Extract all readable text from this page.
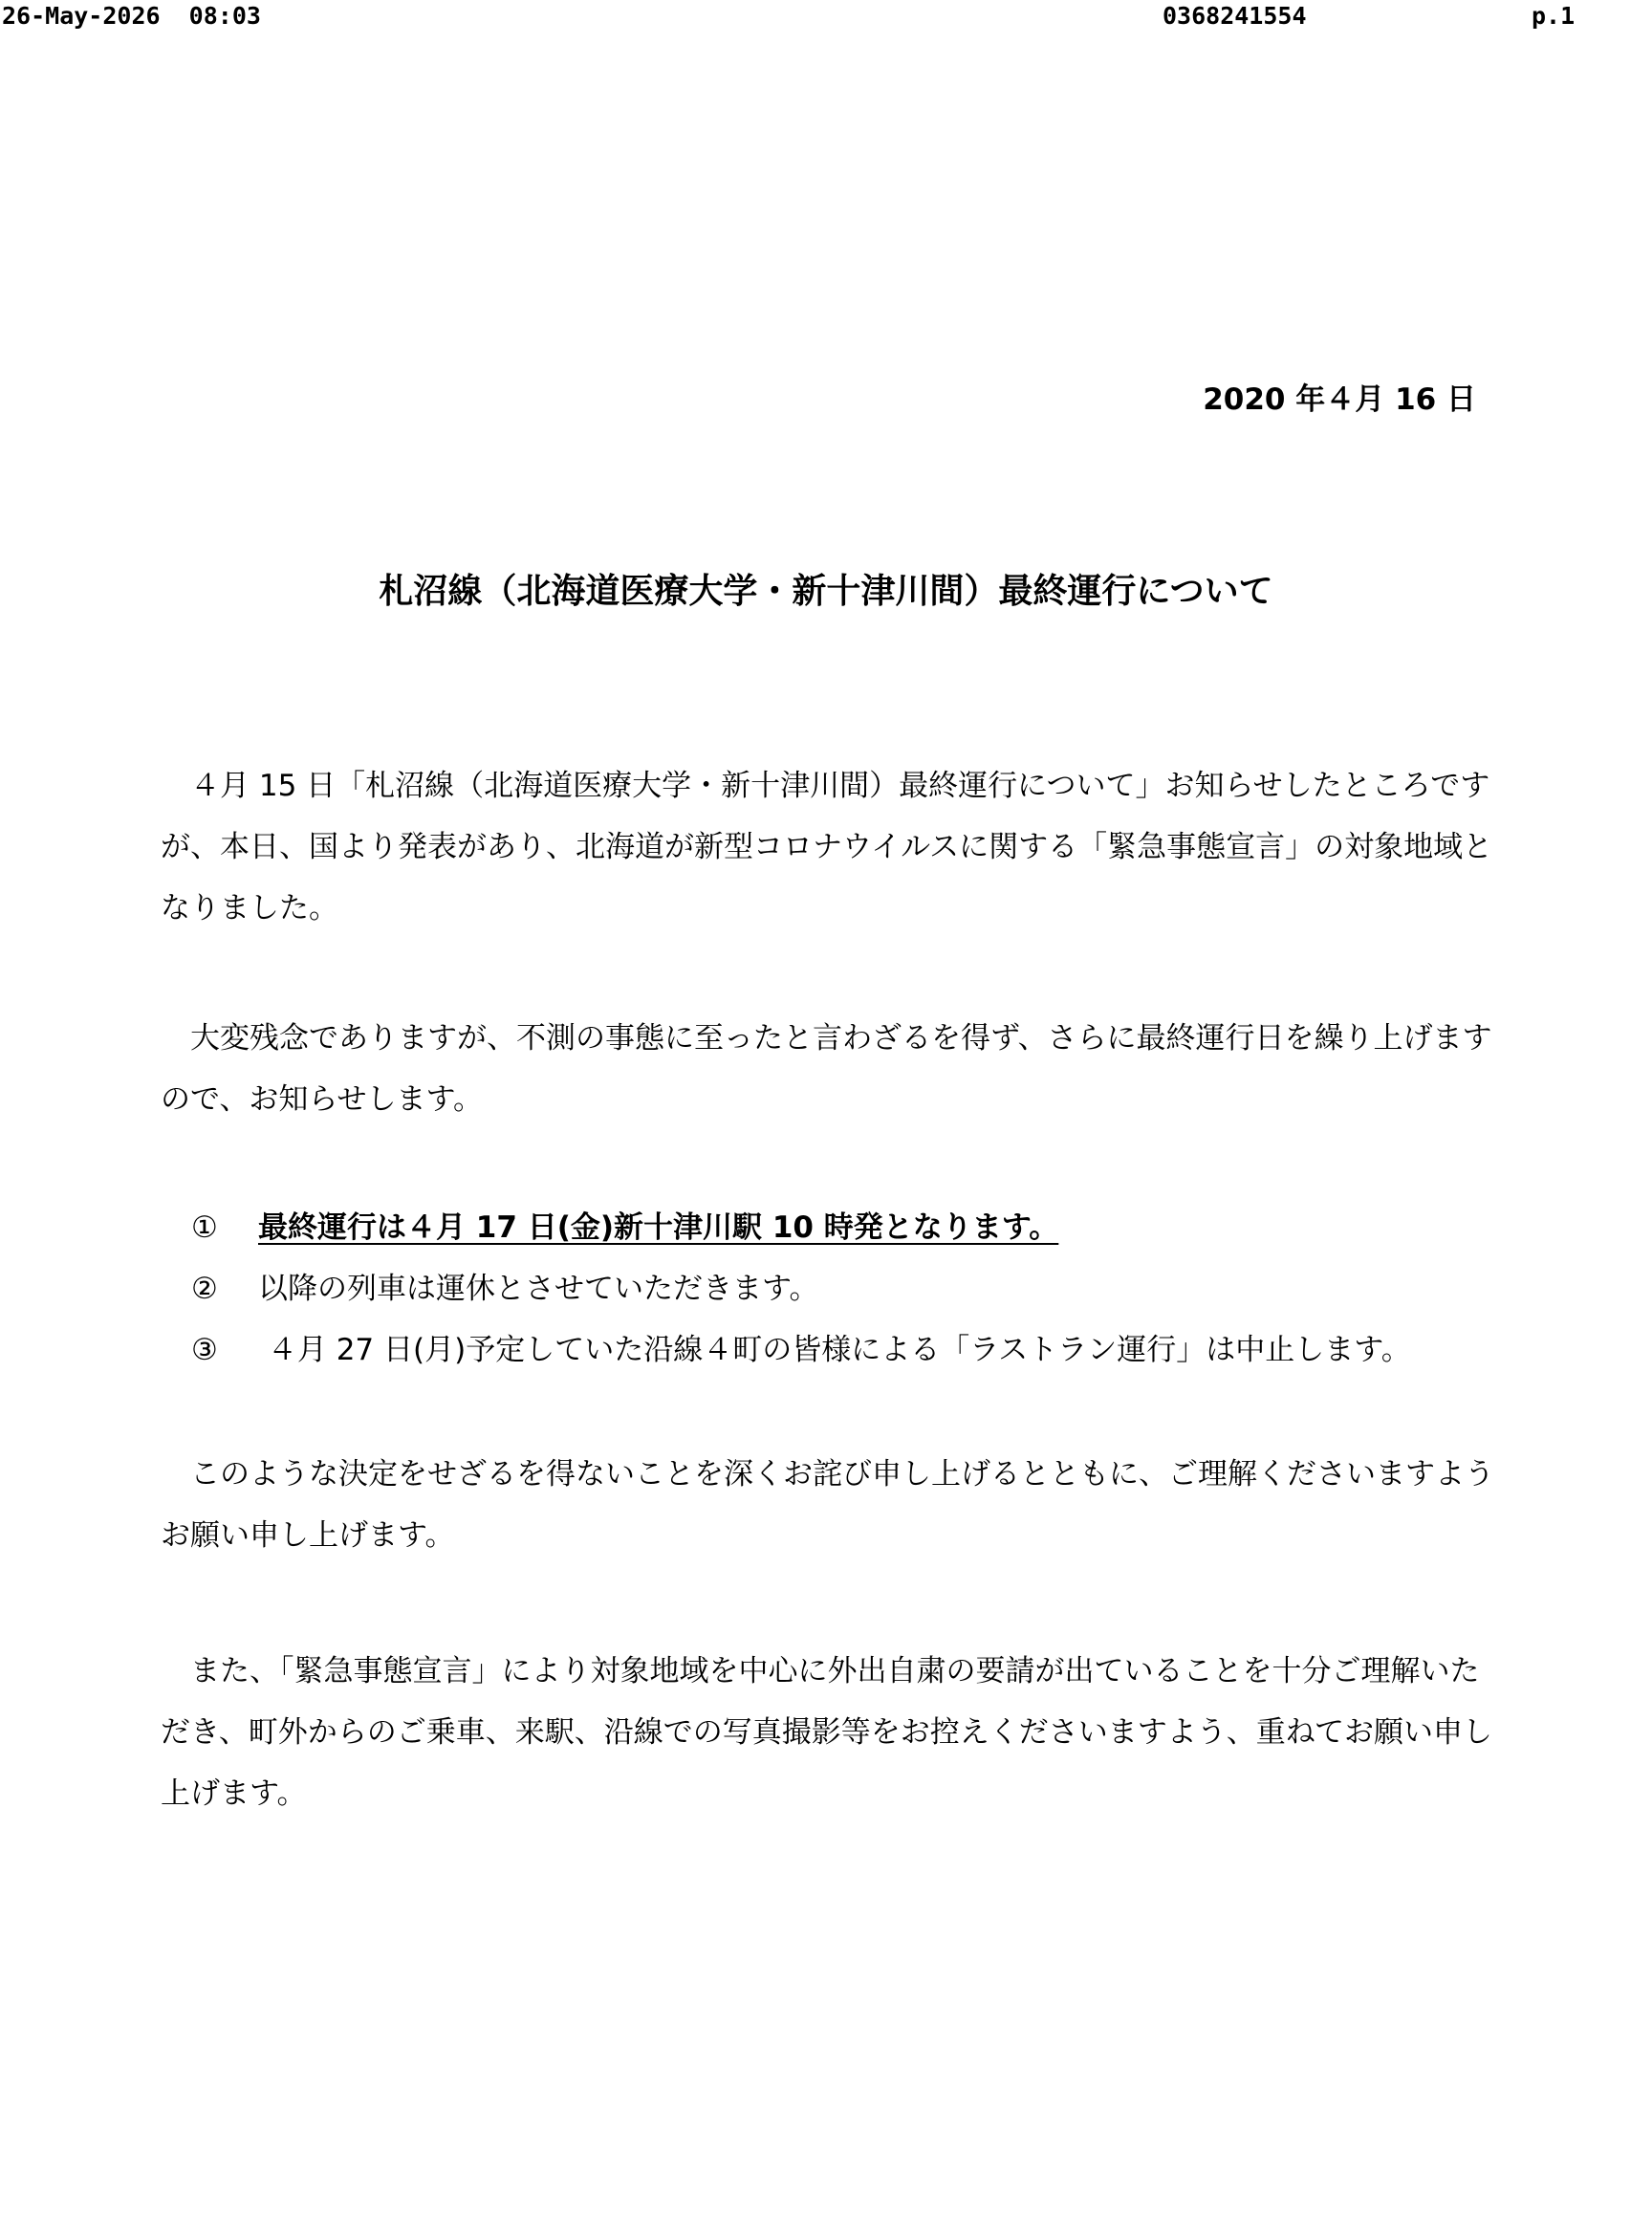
26-May-2026  08:03	0368241554	p.1
2020 年４月 16 日
札沼線（北海道医療大学・新十津川間）最終運行について

４月 15 日「札沼線（北海道医療大学・新十津川間）最終運行について」お知らせしたところですが、本日、国より発表があり、北海道が新型コロナウイルスに関する「緊急事態宣言」の対象地域となりました。

大変残念でありますが、不測の事態に至ったと言わざるを得ず、さらに最終運行日を繰り上げますので、お知らせします。

① 最終運行は４月 17 日(金)新十津川駅 10 時発となります。
② 以降の列車は運休とさせていただきます。
③ ４月 27 日(月)予定していた沿線４町の皆様による「ラストラン運行」は中止します。

このような決定をせざるを得ないことを深くお詫び申し上げるとともに、ご理解くださいますようお願い申し上げます。

また、「緊急事態宣言」により対象地域を中心に外出自粛の要請が出ていることを十分ご理解いただき、町外からのご乗車、来駅、沿線での写真撮影等をお控えくださいますよう、重ねてお願い申し上げます。
